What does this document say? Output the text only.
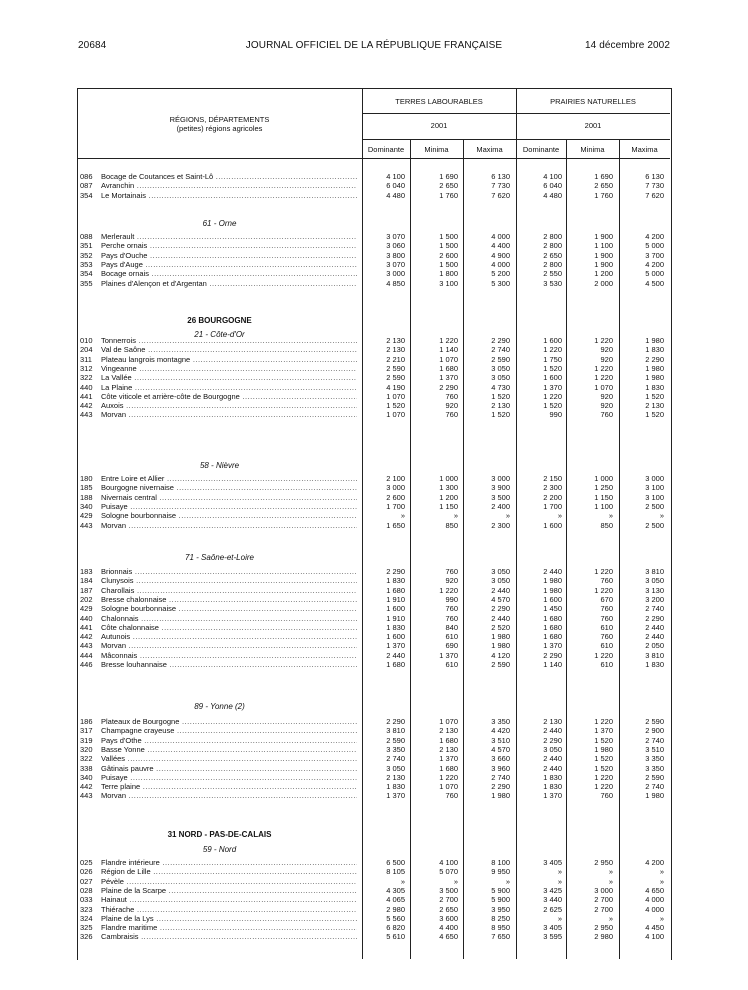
20684	JOURNAL OFFICIEL DE LA RÉPUBLIQUE FRANÇAISE	14 décembre 2002
RÉGIONS, DÉPARTEMENTS
(petites) régions agricoles
TERRES LABOURABLES	PRAIRIES NATURELLES
2001	2001
Dominante	Minima	Maxima	Dominante	Minima	Maxima
086	Bocage de Coutances et Saint-Lô .....	4 100	1 690	6 130	4 100	1 690	6 130
087	Avranchin .....	6 040	2 650	7 730	6 040	2 650	7 730
354	Le Mortainais .....	4 480	1 760	7 620	4 480	1 760	7 620
61 - Orne
088	Merlerault .....	3 070	1 500	4 000	2 800	1 900	4 200
351	Perche ornais .....	3 060	1 500	4 400	2 800	1 100	5 000
352	Pays d'Ouche .....	3 800	2 600	4 900	2 650	1 900	3 700
353	Pays d'Auge .....	3 070	1 500	4 000	2 800	1 900	4 200
354	Bocage ornais .....	3 000	1 800	5 200	2 550	1 200	5 000
355	Plaines d'Alençon et d'Argentan .....	4 850	3 100	5 300	3 530	2 000	4 500
26 BOURGOGNE
21 - Côte-d'Or
010	Tonnerrois .....	2 130	1 220	2 290	1 600	1 220	1 980
204	Val de Saône .....	2 130	1 140	2 740	1 220	920	1 830
311	Plateau langrois montagne .....	2 210	1 070	2 590	1 750	920	2 290
312	Vingeanne .....	2 590	1 680	3 050	1 520	1 220	1 980
322	La Vallée .....	2 590	1 370	3 050	1 600	1 220	1 980
440	La Plaine .....	4 190	2 290	4 730	1 370	1 070	1 830
441	Côte viticole et arrière-côte de Bourgogne .....	1 070	760	1 520	1 220	920	1 520
442	Auxois .....	1 520	920	2 130	1 520	920	2 130
443	Morvan .....	1 070	760	1 520	990	760	1 520
58 - Nièvre
180	Entre Loire et Allier .....	2 100	1 000	3 000	2 150	1 000	3 000
185	Bourgogne nivernaise .....	3 000	1 300	3 900	2 300	1 250	3 100
188	Nivernais central .....	2 600	1 200	3 500	2 200	1 150	3 100
340	Puisaye .....	1 700	1 150	2 400	1 700	1 100	2 500
429	Sologne bourbonnaise .....	»	»	»	»	»	»
443	Morvan .....	1 650	850	2 300	1 600	850	2 500
71 - Saône-et-Loire
183	Brionnais .....	2 290	760	3 050	2 440	1 220	3 810
184	Clunysois .....	1 830	920	3 050	1 980	760	3 050
187	Charollais .....	1 680	1 220	2 440	1 980	1 220	3 130
202	Bresse chalonnaise .....	1 910	990	4 570	1 600	670	3 200
429	Sologne bourbonnaise .....	1 600	760	2 290	1 450	760	2 740
440	Chalonnais .....	1 910	760	2 440	1 680	760	2 290
441	Côte chalonnaise .....	1 830	840	2 520	1 680	610	2 440
442	Autunois .....	1 600	610	1 980	1 680	760	2 440
443	Morvan .....	1 370	690	1 980	1 370	610	2 050
444	Mâconnais .....	2 440	1 370	4 120	2 290	1 220	3 810
446	Bresse louhannaise .....	1 680	610	2 590	1 140	610	1 830
89 - Yonne (2)
186	Plateaux de Bourgogne .....	2 290	1 070	3 350	2 130	1 220	2 590
317	Champagne crayeuse .....	3 810	2 130	4 420	2 440	1 370	2 900
319	Pays d'Othe .....	2 590	1 680	3 510	2 290	1 520	2 740
320	Basse Yonne .....	3 350	2 130	4 570	3 050	1 980	3 510
322	Vallées .....	2 740	1 370	3 660	2 440	1 520	3 350
338	Gâtinais pauvre .....	3 050	1 680	3 960	2 440	1 520	3 350
340	Puisaye .....	2 130	1 220	2 740	1 830	1 220	2 590
442	Terre plaine .....	1 830	1 070	2 290	1 830	1 220	2 740
443	Morvan .....	1 370	760	1 980	1 370	760	1 980
31 NORD - PAS-DE-CALAIS
59 - Nord
025	Flandre intérieure .....	6 500	4 100	8 100	3 405	2 950	4 200
026	Région de Lille .....	8 105	5 070	9 950	»	»	»
027	Pévèle .....	»	»	»	»	»	»
028	Plaine de la Scarpe .....	4 305	3 500	5 900	3 425	3 000	4 650
033	Hainaut .....	4 065	2 700	5 900	3 440	2 700	4 000
323	Thiérache .....	2 980	2 650	3 950	2 625	2 700	4 000
324	Plaine de la Lys .....	5 560	3 600	8 250	»	»	»
325	Flandre maritime .....	6 820	4 400	8 950	3 405	2 950	4 450
326	Cambraisis .....	5 610	4 650	7 650	3 595	2 980	4 100
